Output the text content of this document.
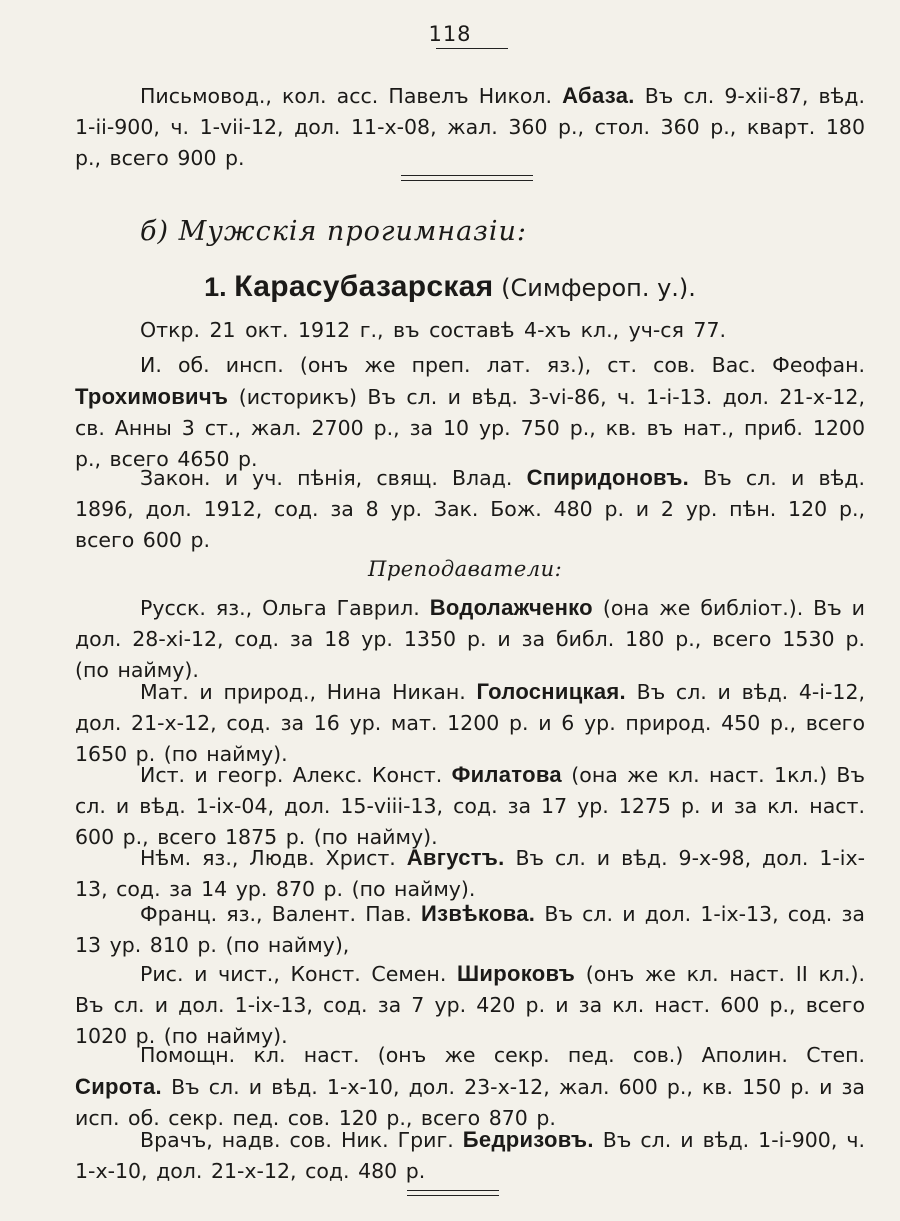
118
Письмовод., кол. асс. Павелъ Никол. Абаза. Въ сл. 9-xii-87, вѣд. 1-ii-900, ч. 1-vii-12, дол. 11-x-08, жал. 360 р., стол. 360 р., кварт. 180 р., всего 900 р.
б) Мужскія прогимназіи:
1. Карасубазарская (Симфероп. у.).
Откр. 21 окт. 1912 г., въ составѣ 4-хъ кл., уч-ся 77.
И. об. инсп. (онъ же преп. лат. яз.), ст. сов. Вас. Феофан. Трохимовичъ (историкъ) Въ сл. и вѣд. 3-vi-86, ч. 1-i-13. дол. 21-x-12, св. Анны 3 ст., жал. 2700 р., за 10 ур. 750 р., кв. въ нат., приб. 1200 р., всего 4650 р.
Закон. и уч. пѣнія, свящ. Влад. Спиридоновъ. Въ сл. и вѣд. 1896, дол. 1912, сод. за 8 ур. Зак. Бож. 480 р. и 2 ур. пѣн. 120 р., всего 600 р.
Преподаватели:
Русск. яз., Ольга Гаврил. Водолажченко (она же библіот.). Въ и дол. 28-xi-12, сод. за 18 ур. 1350 р. и за библ. 180 р., всего 1530 р. (по найму).
Мат. и природ., Нина Никан. Голосницкая. Въ сл. и вѣд. 4-i-12, дол. 21-x-12, сод. за 16 ур. мат. 1200 р. и 6 ур. природ. 450 р., всего 1650 р. (по найму).
Ист. и геогр. Алекс. Конст. Филатова (она же кл. наст. 1кл.) Въ сл. и вѣд. 1-ix-04, дол. 15-viii-13, сод. за 17 ур. 1275 р. и за кл. наст. 600 р., всего 1875 р. (по найму).
Нѣм. яз., Людв. Христ. Августъ. Въ сл. и вѣд. 9-x-98, дол. 1-ix-13, сод. за 14 ур. 870 р. (по найму).
Франц. яз., Валент. Пав. Извѣкова. Въ сл. и дол. 1-ix-13, сод. за 13 ур. 810 р. (по найму),
Рис. и чист., Конст. Семен. Широковъ (онъ же кл. наст. II кл.). Въ сл. и дол. 1-ix-13, сод. за 7 ур. 420 р. и за кл. наст. 600 р., всего 1020 р. (по найму).
Помощн. кл. наст. (онъ же секр. пед. сов.) Аполин. Степ. Сирота. Въ сл. и вѣд. 1-x-10, дол. 23-x-12, жал. 600 р., кв. 150 р. и за исп. об. секр. пед. сов. 120 р., всего 870 р.
Врачъ, надв. сов. Ник. Григ. Бедризовъ. Въ сл. и вѣд. 1-i-900, ч. 1-x-10, дол. 21-x-12, сод. 480 р.
